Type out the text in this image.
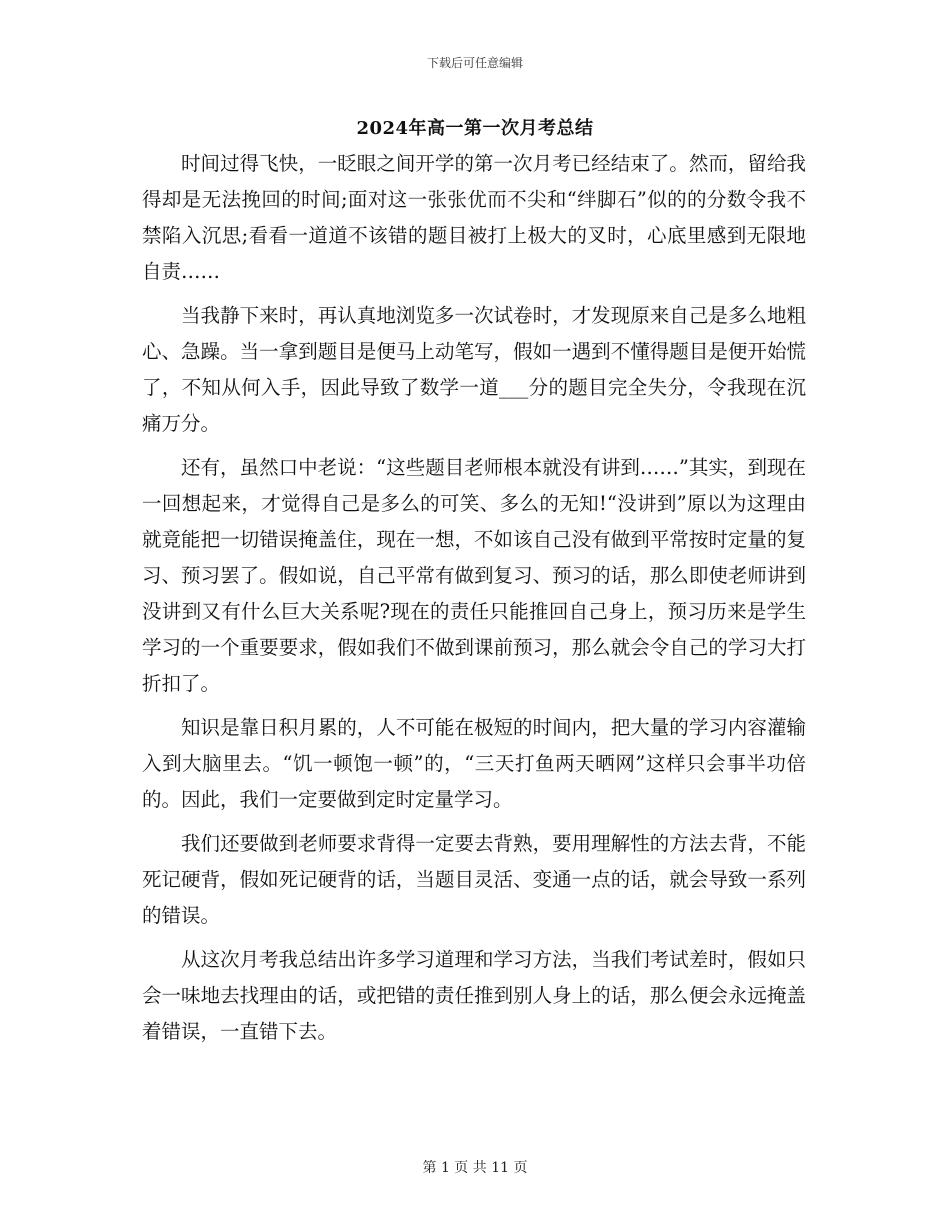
下载后可任意编辑
2024年高一第一次月考总结

时间过得飞快，一眨眼之间开学的第一次月考已经结束了。然而，留给我得却是无法挽回的时间;面对这一张张优而不尖和“绊脚石”似的的分数令我不禁陷入沉思;看看一道道不该错的题目被打上极大的叉时，心底里感到无限地自责……

当我静下来时，再认真地浏览多一次试卷时，才发现原来自己是多么地粗心、急躁。当一拿到题目是便马上动笔写，假如一遇到不懂得题目是便开始慌了，不知从何入手，因此导致了数学一道___分的题目完全失分，令我现在沉痛万分。

还有，虽然口中老说：“这些题目老师根本就没有讲到……”其实，到现在一回想起来，才觉得自己是多么的可笑、多么的无知!“没讲到”原以为这理由就竟能把一切错误掩盖住，现在一想，不如该自己没有做到平常按时定量的复习、预习罢了。假如说，自己平常有做到复习、预习的话，那么即使老师讲到没讲到又有什么巨大关系呢?现在的责任只能推回自己身上，预习历来是学生学习的一个重要要求，假如我们不做到课前预习，那么就会令自己的学习大打折扣了。

知识是靠日积月累的，人不可能在极短的时间内，把大量的学习内容灌输入到大脑里去。“饥一顿饱一顿”的，“三天打鱼两天晒网”这样只会事半功倍的。因此，我们一定要做到定时定量学习。

我们还要做到老师要求背得一定要去背熟，要用理解性的方法去背，不能死记硬背，假如死记硬背的话，当题目灵活、变通一点的话，就会导致一系列的错误。

从这次月考我总结出许多学习道理和学习方法，当我们考试差时，假如只会一味地去找理由的话，或把错的责任推到别人身上的话，那么便会永远掩盖着错误，一直错下去。

第 1 页 共 11 页
